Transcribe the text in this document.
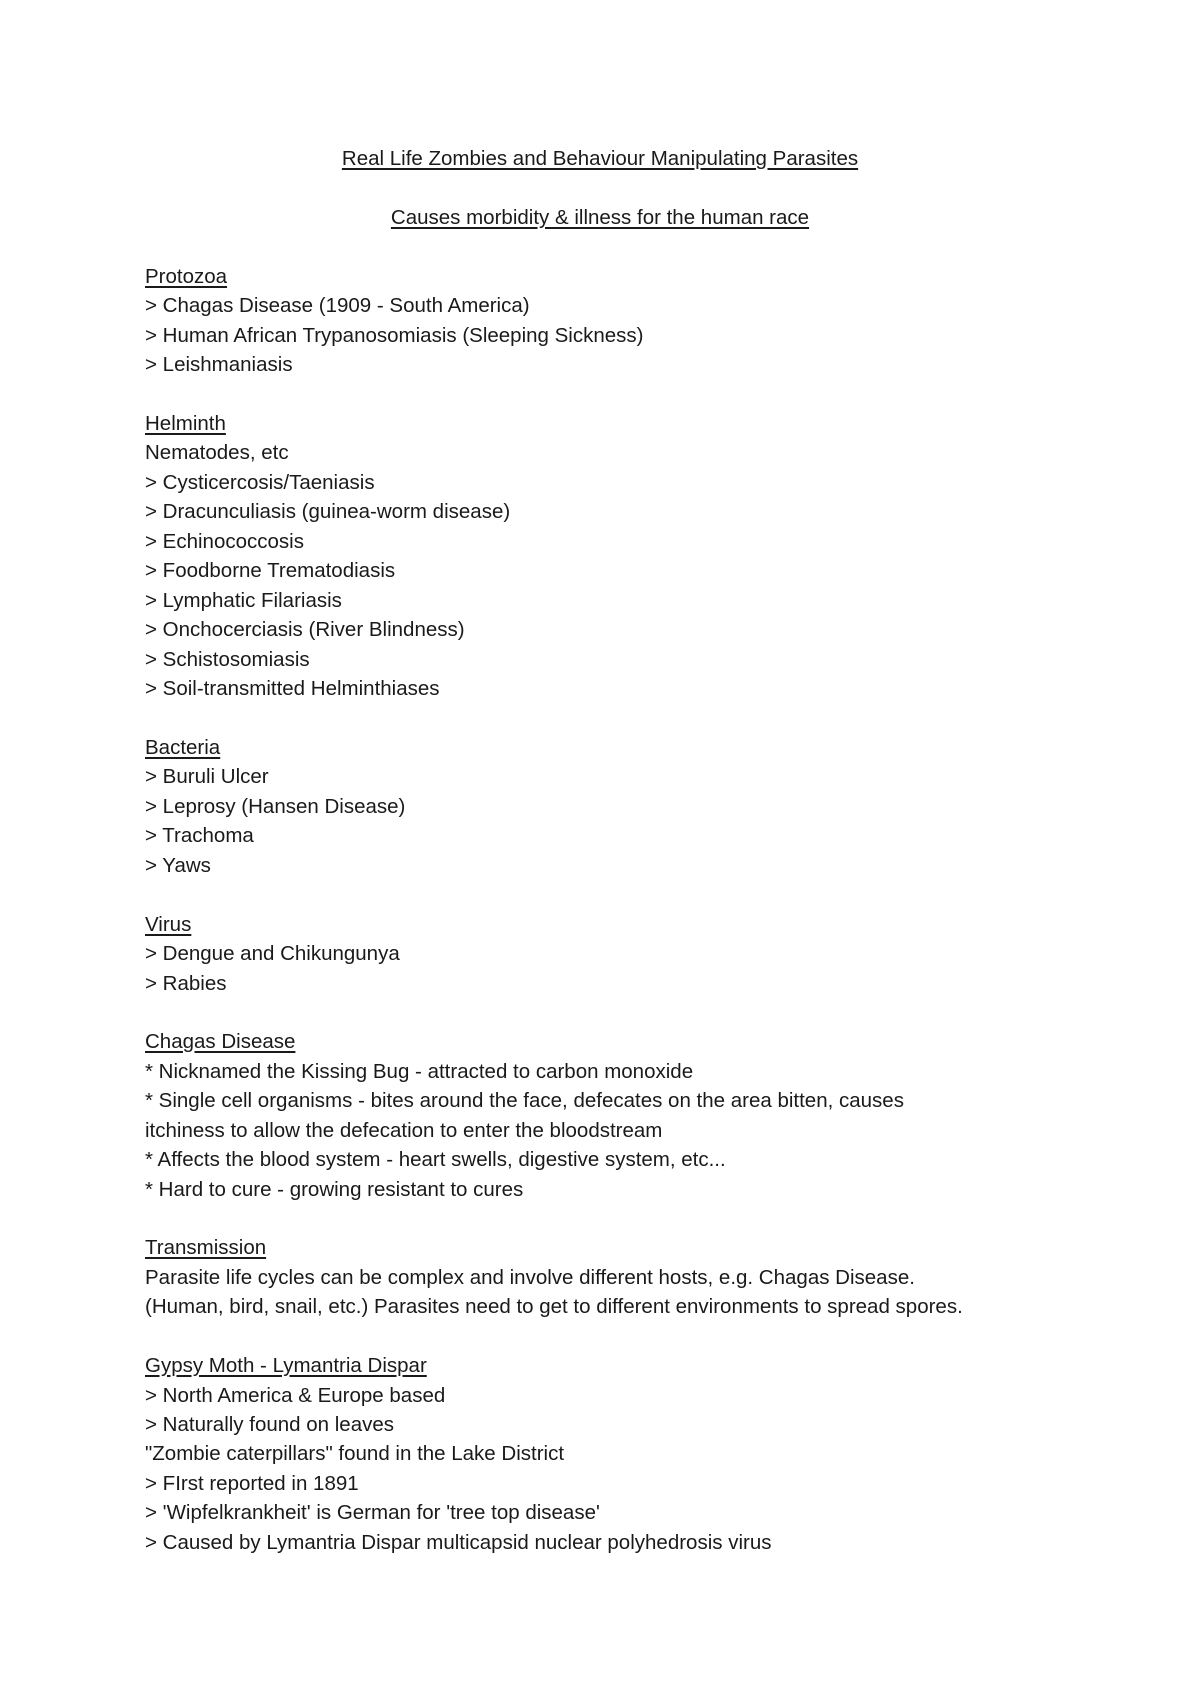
Real Life Zombies and Behaviour Manipulating Parasites
Causes morbidity & illness for the human race
Protozoa
> Chagas Disease (1909 - South America)
> Human African Trypanosomiasis (Sleeping Sickness)
> Leishmaniasis
Helminth
Nematodes, etc
> Cysticercosis/Taeniasis
> Dracunculiasis (guinea-worm disease)
> Echinococcosis
> Foodborne Trematodiasis
> Lymphatic Filariasis
> Onchocerciasis (River Blindness)
> Schistosomiasis
> Soil-transmitted Helminthiases
Bacteria
> Buruli Ulcer
> Leprosy (Hansen Disease)
> Trachoma
> Yaws
Virus
> Dengue and Chikungunya
> Rabies
Chagas Disease
* Nicknamed the Kissing Bug - attracted to carbon monoxide
* Single cell organisms - bites around the face, defecates on the area bitten, causes
itchiness to allow the defecation to enter the bloodstream
* Affects the blood system - heart swells, digestive system, etc...
* Hard to cure - growing resistant to cures
Transmission
Parasite life cycles can be complex and involve different hosts, e.g. Chagas Disease.
(Human, bird, snail, etc.) Parasites need to get to different environments to spread spores.
Gypsy Moth - Lymantria Dispar
> North America & Europe based
> Naturally found on leaves
"Zombie caterpillars" found in the Lake District
> FIrst reported in 1891
> 'Wipfelkrankheit' is German for 'tree top disease'
> Caused by Lymantria Dispar multicapsid nuclear polyhedrosis virus
